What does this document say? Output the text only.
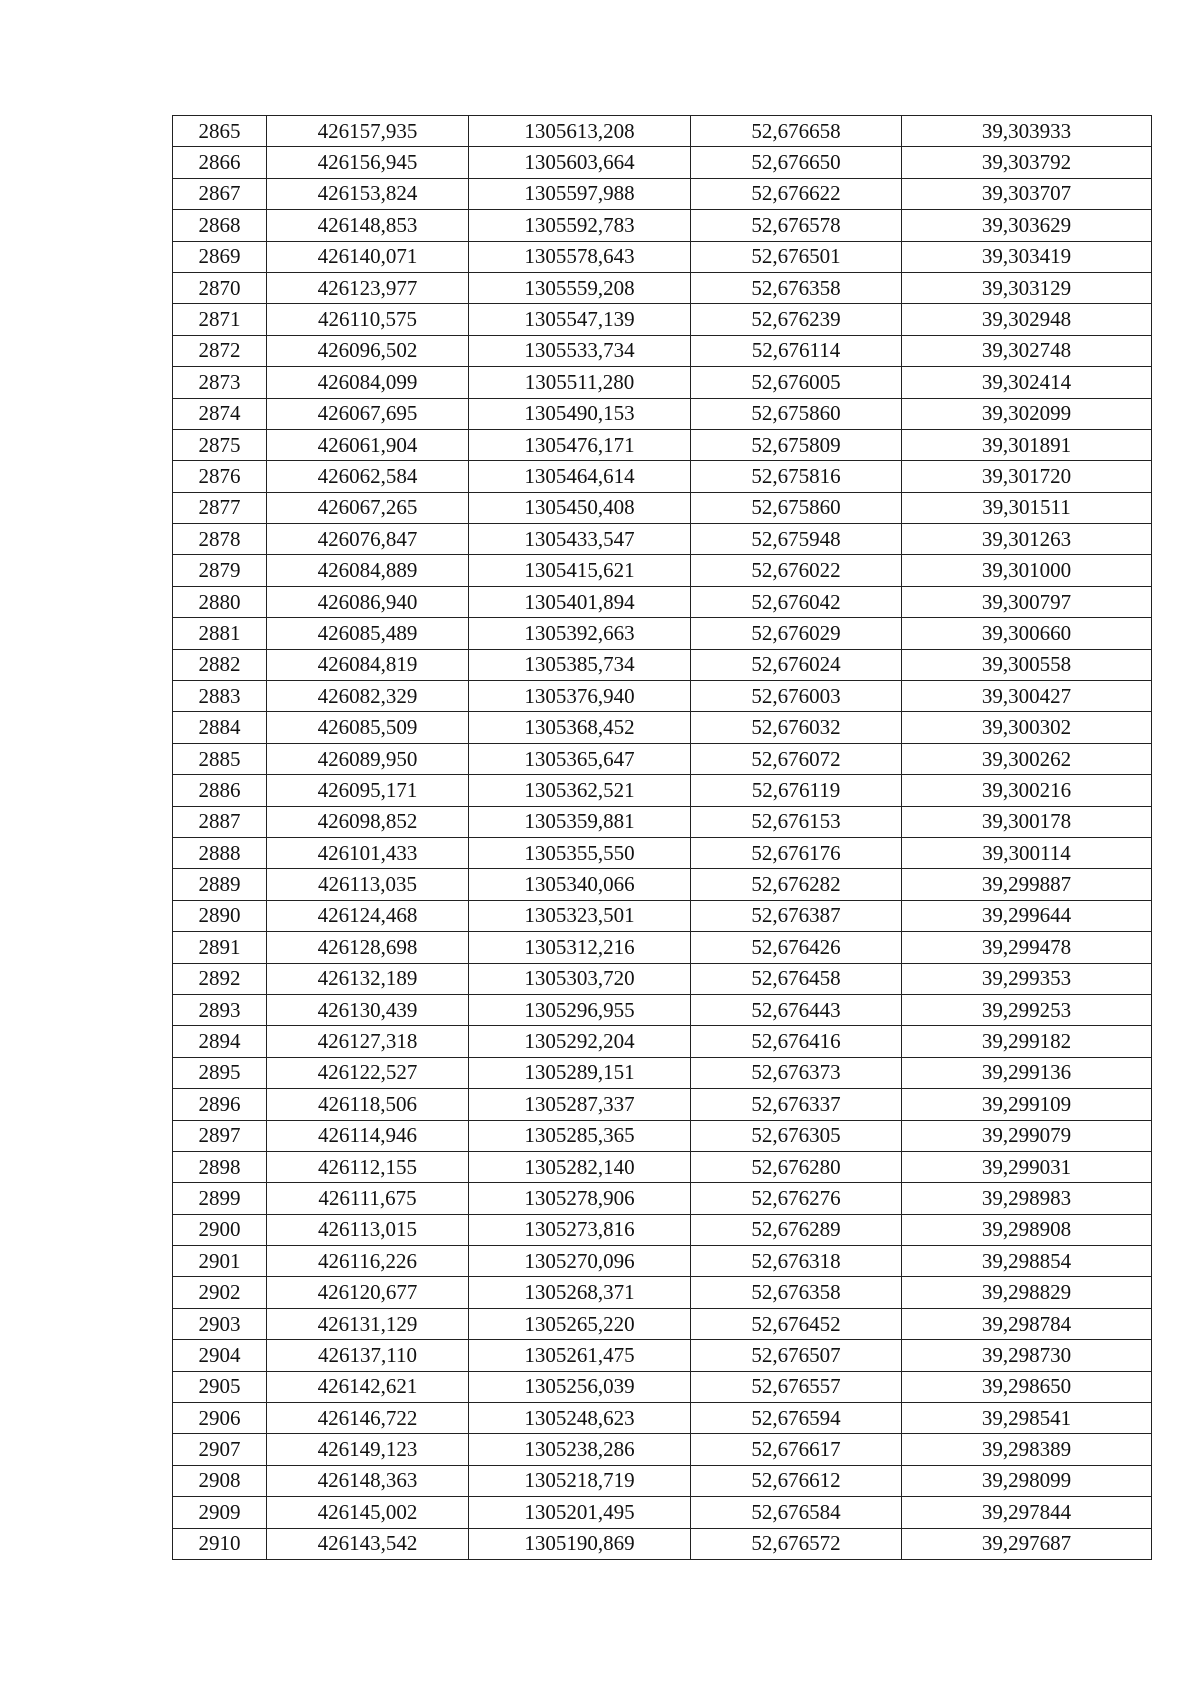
2865	426157,935	1305613,208	52,676658	39,303933
2866	426156,945	1305603,664	52,676650	39,303792
2867	426153,824	1305597,988	52,676622	39,303707
2868	426148,853	1305592,783	52,676578	39,303629
2869	426140,071	1305578,643	52,676501	39,303419
2870	426123,977	1305559,208	52,676358	39,303129
2871	426110,575	1305547,139	52,676239	39,302948
2872	426096,502	1305533,734	52,676114	39,302748
2873	426084,099	1305511,280	52,676005	39,302414
2874	426067,695	1305490,153	52,675860	39,302099
2875	426061,904	1305476,171	52,675809	39,301891
2876	426062,584	1305464,614	52,675816	39,301720
2877	426067,265	1305450,408	52,675860	39,301511
2878	426076,847	1305433,547	52,675948	39,301263
2879	426084,889	1305415,621	52,676022	39,301000
2880	426086,940	1305401,894	52,676042	39,300797
2881	426085,489	1305392,663	52,676029	39,300660
2882	426084,819	1305385,734	52,676024	39,300558
2883	426082,329	1305376,940	52,676003	39,300427
2884	426085,509	1305368,452	52,676032	39,300302
2885	426089,950	1305365,647	52,676072	39,300262
2886	426095,171	1305362,521	52,676119	39,300216
2887	426098,852	1305359,881	52,676153	39,300178
2888	426101,433	1305355,550	52,676176	39,300114
2889	426113,035	1305340,066	52,676282	39,299887
2890	426124,468	1305323,501	52,676387	39,299644
2891	426128,698	1305312,216	52,676426	39,299478
2892	426132,189	1305303,720	52,676458	39,299353
2893	426130,439	1305296,955	52,676443	39,299253
2894	426127,318	1305292,204	52,676416	39,299182
2895	426122,527	1305289,151	52,676373	39,299136
2896	426118,506	1305287,337	52,676337	39,299109
2897	426114,946	1305285,365	52,676305	39,299079
2898	426112,155	1305282,140	52,676280	39,299031
2899	426111,675	1305278,906	52,676276	39,298983
2900	426113,015	1305273,816	52,676289	39,298908
2901	426116,226	1305270,096	52,676318	39,298854
2902	426120,677	1305268,371	52,676358	39,298829
2903	426131,129	1305265,220	52,676452	39,298784
2904	426137,110	1305261,475	52,676507	39,298730
2905	426142,621	1305256,039	52,676557	39,298650
2906	426146,722	1305248,623	52,676594	39,298541
2907	426149,123	1305238,286	52,676617	39,298389
2908	426148,363	1305218,719	52,676612	39,298099
2909	426145,002	1305201,495	52,676584	39,297844
2910	426143,542	1305190,869	52,676572	39,297687
